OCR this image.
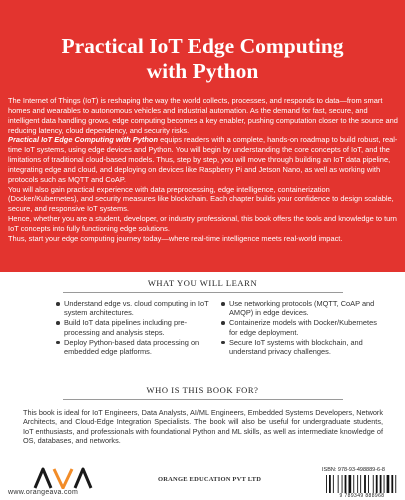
Practical IoT Edge Computing
with Python

The Internet of Things (IoT) is reshaping the way the world collects, processes, and responds to data—from smart homes and wearables to autonomous vehicles and industrial automation. As the demand for fast, secure, and intelligent data handling grows, edge computing becomes a key enabler, pushing computation closer to the source and reducing latency, cloud dependency, and security risks.

Practical IoT Edge Computing with Python equips readers with a complete, hands-on roadmap to build robust, real-time IoT systems, using edge devices and Python. You will begin by understanding the core concepts of IoT, and the limitations of traditional cloud-based models. Thus, step by step, you will move through building an IoT data pipeline, integrating edge and cloud, and deploying on devices like Raspberry Pi and Jetson Nano, as well as working with protocols such as MQTT and CoAP.

You will also gain practical experience with data preprocessing, edge intelligence, containerization (Docker/Kubernetes), and security measures like blockchain. Each chapter builds your confidence to design scalable, secure, and responsive IoT systems.

Hence, whether you are a student, developer, or industry professional, this book offers the tools and knowledge to turn IoT concepts into fully functioning edge solutions.

Thus, start your edge computing journey today—where real-time intelligence meets real-world impact.

WHAT YOU WILL LEARN
Understand edge vs. cloud computing in IoT system architectures.
Build IoT data pipelines including pre-processing and analysis steps.
Deploy Python-based data processing on embedded edge platforms.
Use networking protocols (MQTT, CoAP and AMQP) in edge devices.
Containerize models with Docker/Kubernetes for edge deployment.
Secure IoT systems with blockchain, and understand privacy challenges.
WHO IS THIS BOOK FOR?
This book is ideal for IoT Engineers, Data Analysts, AI/ML Engineers, Embedded Systems Developers, Network Architects, and Cloud-Edge Integration Specialists. The book will also be useful for undergraduate students, IoT enthusiasts, and professionals with foundational Python and ML skills, as well as intermediate knowledge of OS, databases, and networks.
www.orangeava.com
ORANGE EDUCATION PVT LTD
ISBN: 978-93-498889-6-8
9 789349 888968
